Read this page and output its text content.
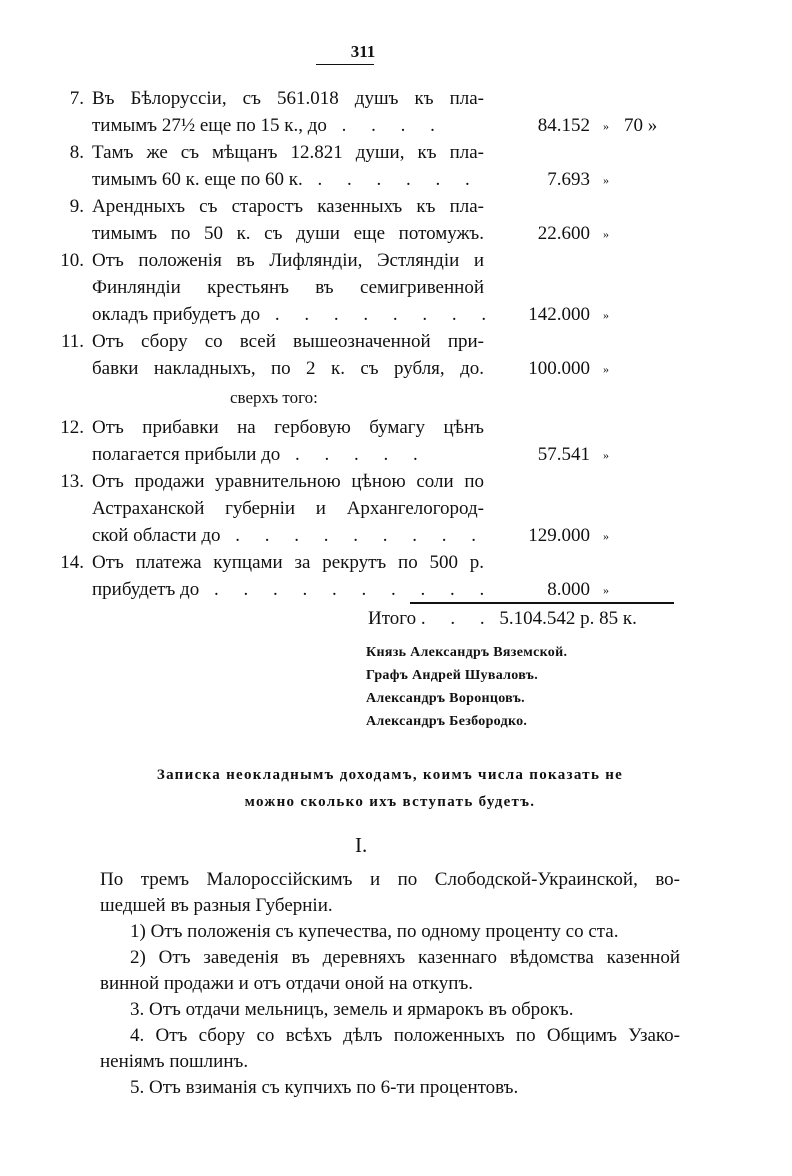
311
7. Въ Бѣлоруссіи, съ 561.018 душъ къ пла-
тимымъ 27½ еще по 15 к., до . . . .	84.152 » 70 »
8. Тамъ же съ мѣщанъ 12.821 души, къ пла-
тимымъ 60 к. еще по 60 к. . . . . . .	7.693 »
9. Арендныхъ съ старостъ казенныхъ къ пла-
тимымъ по 50 к. съ души еще потомужъ.	22.600 »
10. Отъ положенія въ Лифляндіи, Эстляндіи и
Финляндіи крестьянъ въ семигривенной
окладъ прибудетъ до . . . . . . . .	142.000 »
11. Отъ сбору со всей вышеозначенной при-
бавки накладныхъ, по 2 к. съ рубля, до.	100.000 »
сверхъ того:
12. Отъ прибавки на гербовую бумагу цѣнъ
полагается прибыли до . . . . .	57.541 »
13. Отъ продажи уравнительною цѣною соли по
Астраханской губерніи и Архангелогород-
ской области до . . . . . . . . .	129.000 »
14. Отъ платежа купцами за рекрутъ по 500 р.
прибудетъ до . . . . . . . . . .	8.000 »
Итого . . . 5.104.542 р. 85 к.
Князь Александръ Вяземской.
Графъ Андрей Шуваловъ.
Александръ Воронцовъ.
Александръ Безбородко.
Записка неокладнымъ доходамъ, коимъ числа показать не
можно сколько ихъ вступать будетъ.
I.
По тремъ Малороссійскимъ и по Слободской-Украинской, во-
шедшей въ разныя Губерніи.
1) Отъ положенія съ купечества, по одному проценту со ста.
2) Отъ заведенія въ деревняхъ казеннаго вѣдомства казенной
винной продажи и отъ отдачи оной на откупъ.
3. Отъ отдачи мельницъ, земель и ярмарокъ въ оброкъ.
4. Отъ сбору со всѣхъ дѣлъ положенныхъ по Общимъ Узако-
неніямъ пошлинъ.
5. Отъ взиманія съ купчихъ по 6-ти процентовъ.
